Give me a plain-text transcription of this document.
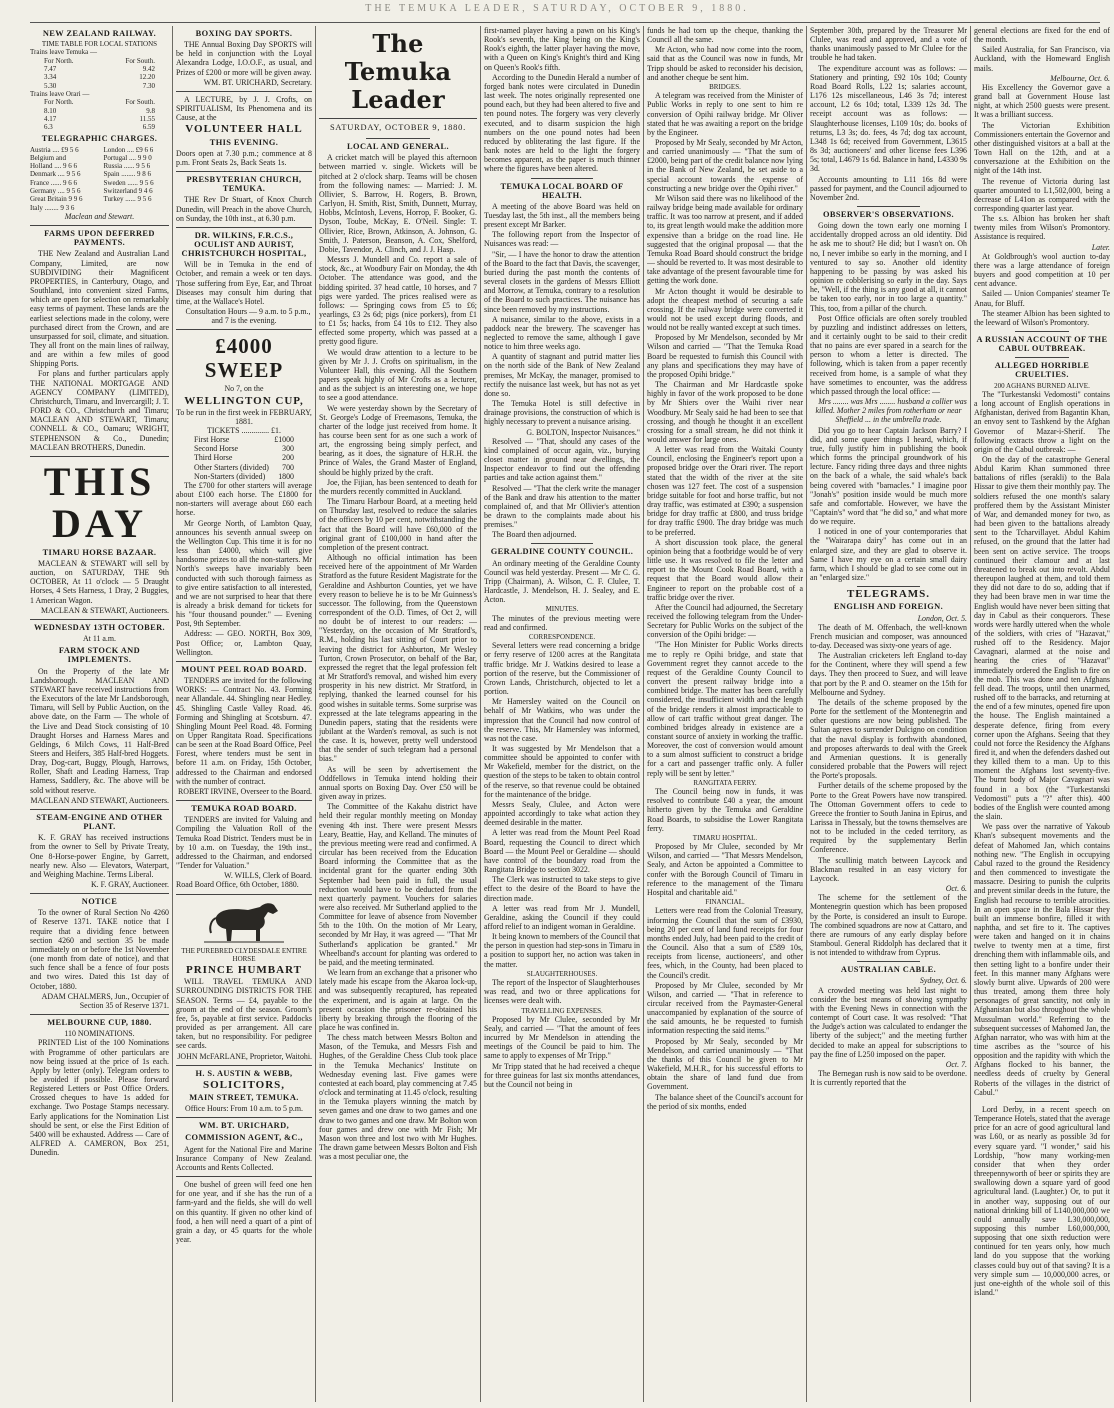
THE TEMUKA LEADER, SATURDAY, OCTOBER 9, 1880.
NEW ZEALAND RAILWAY.
TIME TABLE FOR LOCAL STATIONS
Trains leave Temuka —
For North.	For South.
7.47	9.42
3.34	12.20
5.30	7.30
Trains leave Orari —
For North.	For South.
8.10	9.8
4.17	11.55
6.3	6.59
TELEGRAPHIC CHARGES.
Austria .... £9 5 6
Belgium and
Holland .... 9 6 6
Denmark .... 9 5 6
France ...... 9 6 6
Germany .... 9 5 6
Great Britain 9 9 6
Italy ........ 9 3 6
London .... £9 6 6
Portugal .... 9 9 0
Russia ...... 9 5 6
Spain ........ 9 8 6
Sweden ...... 9 5 6
Switzerland 9 4 6
Turkey ...... 9 5 6
Maclean and Stewart.
FARMS UPON DEFERRED PAYMENTS.

THE New Zealand and Australian Land Company, Limited, are now SUBDIVIDING their Magnificent PROPERTIES, in Canterbury, Otago, and Southland, into convenient sized Farms, which are open for selection on remarkably easy terms of payment. These lands are the earliest selections made in the colony, were purchased direct from the Crown, and are unsurpassed for soil, climate, and situation. They all front on the main lines of railway, and are within a few miles of good Shipping Ports.

For plans and further particulars apply THE NATIONAL MORTGAGE AND AGENCY COMPANY (LIMITED), Christchurch, Timaru, and Invercargill; J. T. FORD & CO., Christchurch and Timaru; MACLEAN AND STEWART, Timaru; CONNELL & CO., Oamaru; WRIGHT, STEPHENSON & Co., Dunedin; MACLEAN BROTHERS, Dunedin.

THIS DAY
TIMARU HORSE BAZAAR.

MACLEAN & STEWART will sell by auction, on SATURDAY, THE 9th OCTOBER, At 11 o'clock — 5 Draught Horses, 4 Sets Harness, 1 Dray, 2 Buggies, 1 American Wagon.

MACLEAN & STEWART, Auctioneers.
WEDNESDAY 13TH OCTOBER.
At 11 a.m.
FARM STOCK AND IMPLEMENTS.

On the Property of the late Mr Landsborough. MACLEAN AND STEWART have received instructions from the Executors of the late Mr Landsborough, Timaru, will Sell by Public Auction, on the above date, on the Farm — The whole of the Live and Dead Stock consisting of 10 Draught Horses and Harness Mares and Geldings, 6 Milch Cows, 11 Half-Bred Steers and Heifers, 385 Half-bred Hoggets. Dray, Dog-cart, Buggy, Plough, Harrows, Roller, Shaft and Leading Harness, Trap Harness, Saddlery, &c. The above will be sold without reserve.

MACLEAN AND STEWART, Auctioneers.
STEAM-ENGINE AND OTHER PLANT.

K. F. GRAY has received instructions from the owner to Sell by Private Treaty, One 8-Horse-power Engine, by Garrett, nearly new. Also — Elevators, Waterpart, and Weighing Machine. Terms Liberal.

K. F. GRAY, Auctioneer.
NOTICE

To the owner of Rural Section No 4260 of Reserve 1371. TAKE notice that I require that a dividing fence between section 4260 and section 35 be made immediately on or before the 1st November (one month from date of notice), and that such fence shall be a fence of four posts and two wires. Dated this 1st day of October, 1880.

ADAM CHALMERS, Jun., Occupier of Section 35 of Reserve 1371.
MELBOURNE CUP, 1880.
110 NOMINATIONS.

PRINTED List of the 100 Nominations with Programme of other particulars are now being issued at the price of 1s each. Apply by letter (only). Telegram orders to be avoided if possible. Please forward Registered Letters or Post Office Orders. Crossed cheques to have 1s added for exchange. Two Postage Stamps necessary. Early applications for the Nomination List should be sent, or else the First Edition of 5400 will be exhausted. Address — Care of ALFRED A. CAMERON, Box 251, Dunedin.

BOXING DAY SPORTS.

THE Annual Boxing Day SPORTS will be held in conjunction with the Loyal Alexandra Lodge, I.O.O.F., as usual, and Prizes of £200 or more will be given away.

WM. BT. URICHARD, Secretary.

A LECTURE, by J. J. Crofts, on SPIRITUALISM, Its Phenomena and its Cause, at the

VOLUNTEER HALL
THIS EVENING.

Doors open at 7.30 p.m.; commence at 8 p.m. Front Seats 2s, Back Seats 1s.

PRESBYTERIAN CHURCH, TEMUKA.

THE Rev Dr Stuart, of Knox Church Dunedin, will Preach in the above Church, on Sunday, the 10th inst., at 6.30 p.m.

DR. WILKINS, F.R.C.S., OCULIST AND AURIST, CHRISTCHURCH HOSPITAL,

Will be in Temuka in the end of October, and remain a week or ten days. Those suffering from Eye, Ear, and Throat Diseases may consult him during that time, at the Wallace's Hotel.

Consultation Hours — 9 a.m. to 5 p.m., and 7 is the evening.

£4000 SWEEP
No 7, on the
WELLINGTON CUP,
To be run in the first week in FEBRUARY, 1881.
TICKETS .............. £1.
First Horse	£1000
Second Horse	300
Third Horse	200
Other Starters (divided) 700
Non-Starters (divided) 1800

The £700 for other starters will average about £100 each horse. The £1800 for non-starters will average about £60 each horse.

Mr George North, of Lambton Quay, announces his seventh annual sweep on the Wellington Cup. This time it is for no less than £4000, which will give handsome prizes to all the non-starters. Mr North's sweeps have invariably been conducted with such thorough fairness as to give entire satisfaction to all interested, and we are not surprised to hear that there is already a brisk demand for tickets for his "four thousand pounder." — Evening Post, 9th September.

Address: — GEO. NORTH, Box 309, Post Office; or, Lambton Quay, Wellington.

MOUNT PEEL ROAD BOARD.

TENDERS are invited for the following WORKS: — Contract No. 43. Forming near Allandale. 44. Shingling near Hedley. 45. Shingling Castle Valley Road. 46. Forming and Shingling at Scotsburn. 47. Shingling Mount Peel Road. 48. Forming on Upper Rangitata Road. Specifications can be seen at the Road Board Office, Peel Forest, where tenders must be sent in before 11 a.m. on Friday, 15th October, addressed to the Chairman and endorsed with the number of contract.

ROBERT IRVINE, Overseer to the Board.
TEMUKA ROAD BOARD.

TENDERS are invited for Valuing and Compiling the Valuation Roll of the Temuka Road District. Tenders must be in by 10 a.m. on Tuesday, the 19th inst., addressed to the Chairman, and endorsed "Tender for Valuation."

W. WILLS, Clerk of Board.
Road Board Office, 6th October, 1880.
THE PUREBRED CLYDESDALE ENTIRE HORSE
PRINCE HUMBART

WILL TRAVEL TEMUKA AND SURROUNDING DISTRICTS FOR THE SEASON. Terms — £4, payable to the groom at the end of the season. Groom's fee, 5s, payable at first service. Paddocks provided as per arrangement. All care taken, but no responsibility. For pedigree see cards.

JOHN McFARLANE, Proprietor, Waitohi.
H. S. AUSTIN & WEBB,
SOLICITORS,
MAIN STREET, TEMUKA.
Office Hours: From 10 a.m. to 5 p.m.
WM. BT. URICHARD,
COMMISSION AGENT, &C.,

Agent for the National Fire and Marine Insurance Company of New Zealand. Accounts and Rents Collected.

One bushel of green will feed one hen for one year, and if she has the run of a farm-yard and the fields, she will do well on this quantity. If given no other kind of food, a hen will need a quart of a pint of grain a day, or 45 quarts for the whole year.

The Temuka Leader
SATURDAY, OCTOBER 9, 1880.
LOCAL AND GENERAL.

A cricket match will be played this afternoon between married v. single. Wickets will be pitched at 2 o'clock sharp. Teams will be chosen from the following names: — Married: J. M. Ollivier, S. Barrow, H. Rogers, B. Brown, Carlyon, H. Smith, Rist, Smith, Dunnett, Murray, Hobbs, McIntosh, Levens, Horrop, F. Booker, G. Dyson, Toube, McKay, E. O'Neil. Single: T. Ollivier, Rice, Brown, Atkinson, A. Johnson, G. Smith, J. Paterson, Beanson, A. Cox, Shelford, Dobie, Tavendor, A. Clinch, and J. J. Hasp.

Messrs J. Mundell and Co. report a sale of stock, &c., at Woodbury Fair on Monday, the 4th October. The attendance was good, and the bidding spirited. 37 head cattle, 10 horses, and 7 pigs were yarded. The prices realised were as follows: — Springing cows from £5 to £6; yearlings, £3 2s 6d; pigs (nice porkers), from £1 to £1 5s; hacks, from £4 10s to £12. They also effected some property, which was passed at a pretty good figure.

We would draw attention to a lecture to be given by Mr J. J. Crofts on spiritualism, in the Volunteer Hall, this evening. All the Southern papers speak highly of Mr Crofts as a lecturer, and as the subject is an interesting one, we hope to see a good attendance.

We were yesterday shown by the Secretary of St. George's Lodge of Freemasons, Temuka, the charter of the lodge just received from home. It has course been sent for as one such a work of art, the engrossing being simply perfect, and bearing, as it does, the signature of H.R.H. the Prince of Wales, the Grand Master of England, should be highly prized by the craft.

Joe, the Fijian, has been sentenced to death for the murders recently committed in Auckland.

The Timaru Harbour Board, at a meeting held on Thursday last, resolved to reduce the salaries of the officers by 10 per cent, notwithstanding the fact that the Board will have £60,000 of the original grant of £100,000 in hand after the completion of the present contract.

Although no official intimation has been received here of the appointment of Mr Warden Stratford as the future Resident Magistrate for the Geraldine and Ashburton Counties, yet we have every reason to believe he is to be Mr Guinness's successor. The following, from the Queenstown correspondent of the O.D. Times, of Oct 2, will no doubt be of interest to our readers: — "Yesterday, on the occasion of Mr Stratford's, R.M., holding his last sitting of Court prior to leaving the district for Ashburton, Mr Wesley Turton, Crown Prosecutor, on behalf of the Bar, expressed the regret that the legal profession felt at Mr Stratford's removal, and wished him every prosperity in his new district. Mr Stratford, in replying, thanked the learned counsel for his good wishes in suitable terms. Some surprise was expressed at the late telegrams appearing in the Dunedin papers, stating that the residents were jubilant at the Warden's removal, as such is not the case. It is, however, pretty well understood that the sender of such telegram had a personal bias."

As will be seen by advertisement the Oddfellows in Temuka intend holding their annual sports on Boxing Day. Over £50 will be given away in prizes.

The Committee of the Kakahu district have held their regular monthly meeting on Monday evening 4th inst. There were present Messrs Leary, Beattie, Hay, and Kelland. The minutes of the previous meeting were read and confirmed. A circular has been received from the Education Board informing the Committee that as the incidental grant for the quarter ending 30th September had been paid in full, the usual reduction would have to be deducted from the next quarterly payment. Vouchers for salaries were also received. Mr Sutherland applied to the Committee for leave of absence from November 5th to the 10th. On the motion of Mr Leary, seconded by Mr Hay, it was agreed — "That Mr Sutherland's application be granted." Mr Wheelband's account for planting was ordered to be paid, and the meeting terminated.

We learn from an exchange that a prisoner who lately made his escape from the Akaroa lock-up, and was subsequently recaptured, has repeated the experiment, and is again at large. On the present occasion the prisoner re-obtained his liberty by breaking through the flooring of the place he was confined in.

The chess match between Messrs Bolton and Mason, of the Temuka, and Messrs Fish and Hughes, of the Geraldine Chess Club took place in the Temuka Mechanics' Institute on Wednesday evening last. Five games were contested at each board, play commencing at 7.45 o'clock and terminating at 11.45 o'clock, resulting in the Temuka players winning the match by seven games and one draw to two games and one draw to two games and one draw. Mr Bolton won four games and drew one with Mr Fish; Mr Mason won three and lost two with Mr Hughes. The drawn game between Messrs Bolton and Fish was a most peculiar one, the

first-named player having a pawn on his King's Rook's seventh, the King being on the King's Rook's eighth, the latter player having the move, with a Queen on King's Knight's third and King on Queen's Rook's fifth.

According to the Dunedin Herald a number of forged bank notes were circulated in Dunedin last week. The notes originally represented one pound each, but they had been altered to five and ten pound notes. The forgery was very cleverly executed, and to disarm suspicion the high numbers on the one pound notes had been reduced by obliterating the last figure. If the bank notes are held to the light the forgery becomes apparent, as the paper is much thinner where the figures have been altered.

TEMUKA LOCAL BOARD OF HEALTH.

A meeting of the above Board was held on Tuesday last, the 5th inst., all the members being present except Mr Barker.

The following report from the Inspector of Nuisances was read: —

"Sir, — I have the honor to draw the attention of the Board to the fact that Davis, the scavenger, buried during the past month the contents of several closets in the gardens of Messrs Elliott and Morrow, at Temuka, contrary to a resolution of the Board to such practices. The nuisance has since been removed by my instructions.

A nuisance, similar to the above, exists in a paddock near the brewery. The scavenger has neglected to remove the same, although I gave notice to him three weeks ago.

A quantity of stagnant and putrid matter lies on the north side of the Bank of New Zealand premises, Mr McKay, the manager, promised to rectify the nuisance last week, but has not as yet done so.

The Temuka Hotel is still defective in drainage provisions, the construction of which is highly necessary to prevent a nuisance arising.

G. BOLTON, Inspector Nuisances."

Resolved — "That, should any cases of the kind complained of occur again, viz., burying closet matter in ground near dwellings, the Inspector endeavor to find out the offending parties and take action against them."

Resolved — "That the clerk write the manager of the Bank and draw his attention to the matter complained of, and that Mr Ollivier's attention be drawn to the complaints made about his premises."

The Board then adjourned.

GERALDINE COUNTY COUNCIL.

An ordinary meeting of the Geraldine County Council was held yesterday. Present — Mr C. G. Tripp (Chairman), A. Wilson, C. F. Clulee, T. Hardcastle, J. Mendelson, H. J. Sealey, and E. Acton.

MINUTES.

The minutes of the previous meeting were read and confirmed.

CORRESPONDENCE.

Several letters were read concerning a bridge or ferry reserve of 1200 acres at the Rangitata traffic bridge. Mr J. Watkins desired to lease a portion of the reserve, but the Commissioner of Crown Lands, Christchurch, objected to let a portion.

Mr Hamersley waited on the Council on behalf of Mr Watkins, who was under the impression that the Council had now control of the reserve. This, Mr Hamersley was informed, was not the case.

It was suggested by Mr Mendelson that a committee should be appointed to confer with Mr Wakefield, member for the district, on the question of the steps to be taken to obtain control of the reserve, so that revenue could be obtained for the maintenance of the bridge.

Messrs Sealy, Clulee, and Acton were appointed accordingly to take what action they deemed desirable in the matter.

A letter was read from the Mount Peel Road Board, requesting the Council to direct which Board — the Mount Peel or Geraldine — should have control of the boundary road from the Rangitata Bridge to section 3022.

The Clerk was instructed to take steps to give effect to the desire of the Board to have the direction made.

A letter was read from Mr J. Mundell, Geraldine, asking the Council if they could afford relief to an indigent woman in Geraldine.

It being known to members of the Council that the person in question had step-sons in Timaru in a position to support her, no action was taken in the matter.

SLAUGHTERHOUSES.

The report of the Inspector of Slaughterhouses was read, and two or three applications for licenses were dealt with.

TRAVELLING EXPENSES.

Proposed by Mr Clulee, seconded by Mr Sealy, and carried — "That the amount of fees incurred by Mr Mendelson in attending the meetings of the Council be paid to him. The same to apply to expenses of Mr Tripp."

Mr Tripp stated that he had received a cheque for three guineas for last six months attendances, but the Council not being in

funds he had torn up the cheque, thanking the Council all the same.

Mr Acton, who had now come into the room, said that as the Council was now in funds, Mr Tripp should be asked to reconsider his decision, and another cheque be sent him.

BRIDGES.

A telegram was received from the Minister of Public Works in reply to one sent to him re conversion of Opihi railway bridge. Mr Oliver stated that he was awaiting a report on the bridge by the Engineer.

Proposed by Mr Sealy, seconded by Mr Acton, and carried unanimously — "That the sum of £2000, being part of the credit balance now lying in the Bank of New Zealand, be set aside to a special account towards the expense of constructing a new bridge over the Opihi river."

Mr Wilson said there was no likelihood of the railway bridge being made available for ordinary traffic. It was too narrow at present, and if added to, its great length would make the addition more expensive than a bridge on the road line. He suggested that the original proposal — that the Temuka Road Board should construct the bridge — should be reverted to. It was most desirable to take advantage of the present favourable time for getting the work done.

Mr Acton thought it would be desirable to adopt the cheapest method of securing a safe crossing. If the railway bridge were converted it would not be used except during floods, and would not be really wanted except at such times.

Proposed by Mr Mendelson, seconded by Mr Wilson and carried — "That the Temuka Road Board be requested to furnish this Council with any plans and specifications they may have of the proposed Opihi bridge."

The Chairman and Mr Hardcastle spoke highly in favor of the work proposed to be done by Mr Shiers over the Waihi river near Woodbury. Mr Sealy said he had been to see that crossing, and though he thought it an excellent crossing for a small stream, he did not think it would answer for large ones.

A letter was read from the Waitaki County Council, enclosing the Engineer's report upon a proposed bridge over the Orari river. The report stated that the width of the river at the site chosen was 127 feet. The cost of a suspension bridge suitable for foot and horse traffic, but not dray traffic, was estimated at £390; a suspension bridge for dray traffic at £800, and truss bridge for dray traffic £900. The dray bridge was much to be preferred.

A short discussion took place, the general opinion being that a footbridge would be of very little use. It was resolved to file the letter and report to the Mount Cook Road Board, with a request that the Board would allow their Engineer to report on the probable cost of a traffic bridge over the river.

After the Council had adjourned, the Secretary received the following telegram from the Under-Secretary for Public Works on the subject of the conversion of the Opihi bridge: —

"The Hon Minister for Public Works directs me to reply re Opihi bridge, and state that Government regret they cannot accede to the request of the Geraldine County Council to convert the present railway bridge into a combined bridge. The matter has been carefully considered, the insufficient width and the length of the bridge renders it almost impracticable to allow of cart traffic without great danger. The combined bridges already in existence are a constant source of anxiety in working the traffic. Moreover, the cost of conversion would amount to a sum almost sufficient to construct a bridge for a cart and passenger traffic only. A fuller reply will be sent by letter."

RANGITATA FERRY.

The Council being now in funds, it was resolved to contribute £40 a year, the amount hitherto given by the Temuka and Geraldine Road Boards, to subsidise the Lower Rangitata ferry.

TIMARU HOSPITAL.

Proposed by Mr Clulee, seconded by Mr Wilson, and carried — "That Messrs Mendelson, Sealy, and Acton be appointed a Committee to confer with the Borough Council of Timaru in reference to the management of the Timaru Hospital and charitable aid."

FINANCIAL.

Letters were read from the Colonial Treasury, informing the Council that the sum of £3930, being 20 per cent of land fund receipts for four months ended July, had been paid to the credit of the Council. Also that a sum of £589 10s, receipts from license, auctioneers', and other fees, which, in the County, had been placed to the Council's credit.

Proposed by Mr Clulee, seconded by Mr Wilson, and carried — "That in reference to circular received from the Paymaster-General unaccompanied by explanation of the source of the said amounts, he be requested to furnish information respecting the said items."

Proposed by Mr Sealy, seconded by Mr Mendelson, and carried unanimously — "That the thanks of this Council be given to Mr Wakefield, M.H.R., for his successful efforts to obtain the share of land fund due from Government.

The balance sheet of the Council's account for the period of six months, ended

September 30th, prepared by the Treasurer Mr Clulee, was read and approved, and a vote of thanks unanimously passed to Mr Clulee for the trouble he had taken.

The expenditure account was as follows: — Stationery and printing, £92 10s 10d; County Road Board Rolls, L22 1s; salaries account, L176 12s miscellaneous, L46 3s 7d; interest account, L2 6s 10d; total, L339 12s 3d. The receipt account was as follows: — Slaughterhouse licenses, L109 10s; do. books of returns, L3 3s; do. fees, 4s 7d; dog tax account, L348 1s 6d; received from Government, L3615 8s 3d; auctioneers' and other license fees L396 5s; total, L4679 1s 6d. Balance in hand, L4330 9s 3d.

Accounts amounting to L11 16s 8d were passed for payment, and the Council adjourned to November 2nd.

OBSERVER'S OBSERVATIONS.

Going down the town early one morning I accidentally dropped across an old identity. Did he ask me to shout? He did; but I wasn't on. Oh no, I never imbibe so early in the morning, and I ventured to say so. Another old identity happening to be passing by was asked his opinion re cobblerising so early in the day. Says he, "Well, if the thing is any good at all, it cannot be taken too early, nor in too large a quantity." This, too, from a pillar of the church.

Post Office officials are often sorely troubled by puzzling and indistinct addresses on letters, and it certainly ought to be said to their credit that no pains are ever spared in a search for the person to whom a letter is directed. The following, which is taken from a paper recently received from home, is a sample of what they have sometimes to encounter, was the address which passed through the local office: —

Mrs ........ was Mrs ........ husband a collier was killed. Mother 2 miles from rotherham or near Sheffield ... in the umbrella trade.

Did you go to hear Captain Jackson Barry? I did, and some queer things I heard, which, if true, fully justify him in publishing the book which forms the principal groundwork of his lecture. Fancy riding three days and three nights on the back of a whale, the said whale's back being covered with "barnacles." I imagine poor "Jonah's" position inside would be much more safe and comfortable. However, we have the "Captain's" word that "he did so," and what more do we require.

I noticed in one of your contemporaries that the "Wairarapa dairy" has come out in an enlarged size, and they are glad to observe it. Same I have my eye on a certain small dairy farm, which I should be glad to see come out in an "enlarged size."

TELEGRAMS.
ENGLISH AND FOREIGN.
London, Oct. 5.

The death of M. Offenbach, the well-known French musician and composer, was announced to-day. Deceased was sixty-one years of age.

The Australian cricketers left England to-day for the Continent, where they will spend a few days. They then proceed to Suez, and will leave that port by the P. and O. steamer on the 15th for Melbourne and Sydney.

The details of the scheme proposed by the Porte for the settlement of the Montenegrin and other questions are now being published. The Sultan agrees to surrender Dulcigno on condition that the naval display is forthwith abandoned, and proposes afterwards to deal with the Greek and Armenian questions. It is generally considered probable that the Powers will reject the Porte's proposals.

Further details of the scheme proposed by the Porte to the Great Powers have now transpired. The Ottoman Government offers to cede to Greece the frontier to South Janina in Epirus, and Larissa in Thessaly, but the towns themselves are not to be included in the ceded territory, as required by the supplementary Berlin Conference.

The scullinig match between Laycock and Blackman resulted in an easy victory for Laycock.

Oct. 6.

The scheme for the settlement of the Montenegrin question which has been proposed by the Porte, is considered an insult to Europe. The combined squadrons are now at Cattaro, and there are rumours of any early display before Stamboul. General Riddolph has declared that it is not intended to withdraw from Cyprus.

AUSTRALIAN CABLE.
Sydney, Oct. 6.

A crowded meeting was held last night to consider the best means of showing sympathy with the Evening News in connection with the contempt of Court case. It was resolved: "That the Judge's action was calculated to endanger the liberty of the subject;" and the meeting further decided to make an appeal for subscriptions to pay the fine of L250 imposed on the paper.

Oct. 7.

The Bernegan rush is now said to be overdone. It is currently reported that the

general elections are fixed for the end of the month.

Sailed Australia, for San Francisco, via Auckland, with the Homeward English mails.

Melbourne, Oct. 6.

His Excellency the Governor gave a grand ball at Government House last night, at which 2500 guests were present. It was a brilliant success.

The Victorian Exhibition Commissioners entertain the Governor and other distinguished visitors at a ball at the Town Hall on the 12th, and at a conversazione at the Exhibition on the night of the 14th inst.

The revenue of Victoria during last quarter amounted to L1,502,000, being a decrease of L41on as compared with the corresponding quarter last year.

The s.s. Albion has broken her shaft twenty miles from Wilson's Promontory. Assistance is required.

Later.

At Goldbrough's wool auction to-day there was a large attendance of foreign buyers and good competition at 10 per cent advance.

Sailed — Union Companies' steamer Te Anau, for Bluff.

The steamer Albion has been sighted to the leeward of Wilson's Promontory.

A RUSSIAN ACCOUNT OF THE CABUL OUTBREAK.
ALLEGED HORRIBLE CRUELTIES.
200 AGHANS BURNED ALIVE.

The "Turkestanski Vedomosti" contains a long account of English operations in Afghanistan, derived from Bagantin Khan, an envoy sent to Tashkend by the Afghan Governor of Mazar-i-Sherif. The following extracts throw a light on the origin of the Cabul outbreak: —

On the day of the catastrophe General Abdul Karim Khan summoned three battalions of rifles (serakli) to the Bala Hissar to give them their monthly pay. The soldiers refused the one month's salary proffered them by the Assistant Minister of War, and demanded money for two, as had been given to the battalions already sent to the Tcharvillayet. Abdul Kahim refused, on the ground that the latter had been sent on active service. The troops continued their clamour and at last threatened to break out into revolt. Abdul thereupon laughed at them, and told them they did not dare to do so, adding that if they had been brave men in war time the English would have never been sitting that day in Cabul as their conquerors. These words were hardly uttered when the whole of the soldiers, with cries of "Hazavat," rushed off to the Residency. Major Cavagnari, alarmed at the noise and hearing the cries of "Hazavat" immediately ordered the English to fire on the mob. This was done and ten Afghans fell dead. The troops, until then unarmed, rushed off to the barracks, and returning at the end of a few minutes, opened fire upon the house. The English maintained a desperate defence, firing from every corner upon the Afghans. Seeing that they could not force the Residency the Afghans fired it, and when the defenders dashed out they killed them to a man. Up to this moment the Afghans lost seventy-five. The burnt body of Major Cavagnari was found in a box (the "Turkestanski Vedomosti" puts a "?" after this). 400 bodies of the English were counted among the slain.

We pass over the narrative of Yakoub Khan's subsequent movements and the defeat of Mahomed Jan, which contains nothing new. "The English in occupying Cabul razed to the ground the Residency and then commenced to investigate the massacre. Desiring to punish the culprits and prevent similar deeds in the future, the English had recourse to terrible atrocities. In an open space in the Bala Hissar they built an immense bonfire, filled it with naphtha, and set fire to it. The captives were taken and hanged on it in chains twelve to twenty men at a time, first drenching them with inflammable oils, and then setting light to a bonfire under their feet. In this manner many Afghans were slowly burnt alive. Upwards of 200 were thus treated, among them three holy personages of great sanctity, not only in Afghanistan but also throughout the whole Mussulman world." Referring to the subsequent successes of Mahomed Jan, the Afghan narrator, who was with him at the time ascribes as the "source of his opposition and the rapidity with which the Afghans flocked to his banner, the needless deeds of cruelty by General Roberts of the villages in the district of Cabul."

Lord Derby, in a recent speech on Temperance Hotels, stated that the average price for an acre of good agricultural land was L60, or as nearly as possible 3d for every square yard. "I wonder," said his Lordship, "how many working-men consider that when they order threepennyworth of beer or spirits they are swallowing down a square yard of good agricultural land. (Laughter.) Or, to put it in another way, supposing out of our national drinking bill of L140,000,000 we could annually save L30,000,000, supposing this number L60,000,000, supposing that one sixth reduction were continued for ten years only, how much land do you suppose that the working classes could buy out of that saving? It is a very simple sum — 10,000,000 acres, or just one-eighth of the whole soil of this island."
